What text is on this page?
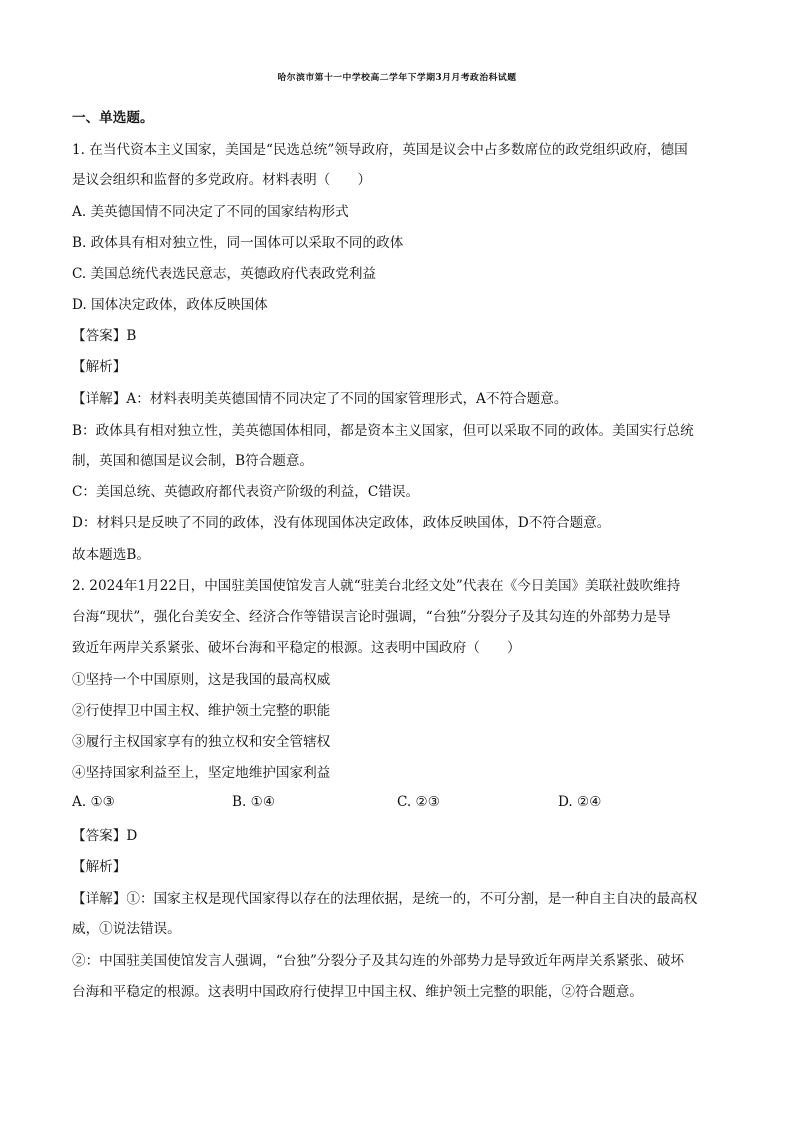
哈尔滨市第十一中学校高二学年下学期3月月考政治科试题
一、单选题。
1. 在当代资本主义国家，美国是“民选总统”领导政府，英国是议会中占多数席位的政党组织政府，德国
是议会组织和监督的多党政府。材料表明（　　）
A. 美英德国情不同决定了不同的国家结构形式
B. 政体具有相对独立性，同一国体可以采取不同的政体
C. 美国总统代表选民意志，英德政府代表政党利益
D. 国体决定政体，政体反映国体
【答案】B
【解析】
【详解】A：材料表明美英德国情不同决定了不同的国家管理形式，A不符合题意。
B：政体具有相对独立性，美英德国体相同，都是资本主义国家，但可以采取不同的政体。美国实行总统
制，英国和德国是议会制，B符合题意。
C：美国总统、英德政府都代表资产阶级的利益，C错误。
D：材料只是反映了不同的政体，没有体现国体决定政体，政体反映国体，D不符合题意。
故本题选B。
2. 2024年1月22日，中国驻美国使馆发言人就“驻美台北经文处”代表在《今日美国》美联社鼓吹维持
台海“现状”，强化台美安全、经济合作等错误言论时强调，“台独”分裂分子及其勾连的外部势力是导
致近年两岸关系紧张、破坏台海和平稳定的根源。这表明中国政府（　　）
①坚持一个中国原则，这是我国的最高权威
②行使捍卫中国主权、维护领土完整的职能
③履行主权国家享有的独立权和安全管辖权
④坚持国家利益至上，坚定地维护国家利益
A. ①③	B. ①④	C. ②③	D. ②④
【答案】D
【解析】
【详解】①：国家主权是现代国家得以存在的法理依据，是统一的，不可分割，是一种自主自决的最高权
威，①说法错误。
②：中国驻美国使馆发言人强调，“台独”分裂分子及其勾连的外部势力是导致近年两岸关系紧张、破坏
台海和平稳定的根源。这表明中国政府行使捍卫中国主权、维护领土完整的职能，②符合题意。
